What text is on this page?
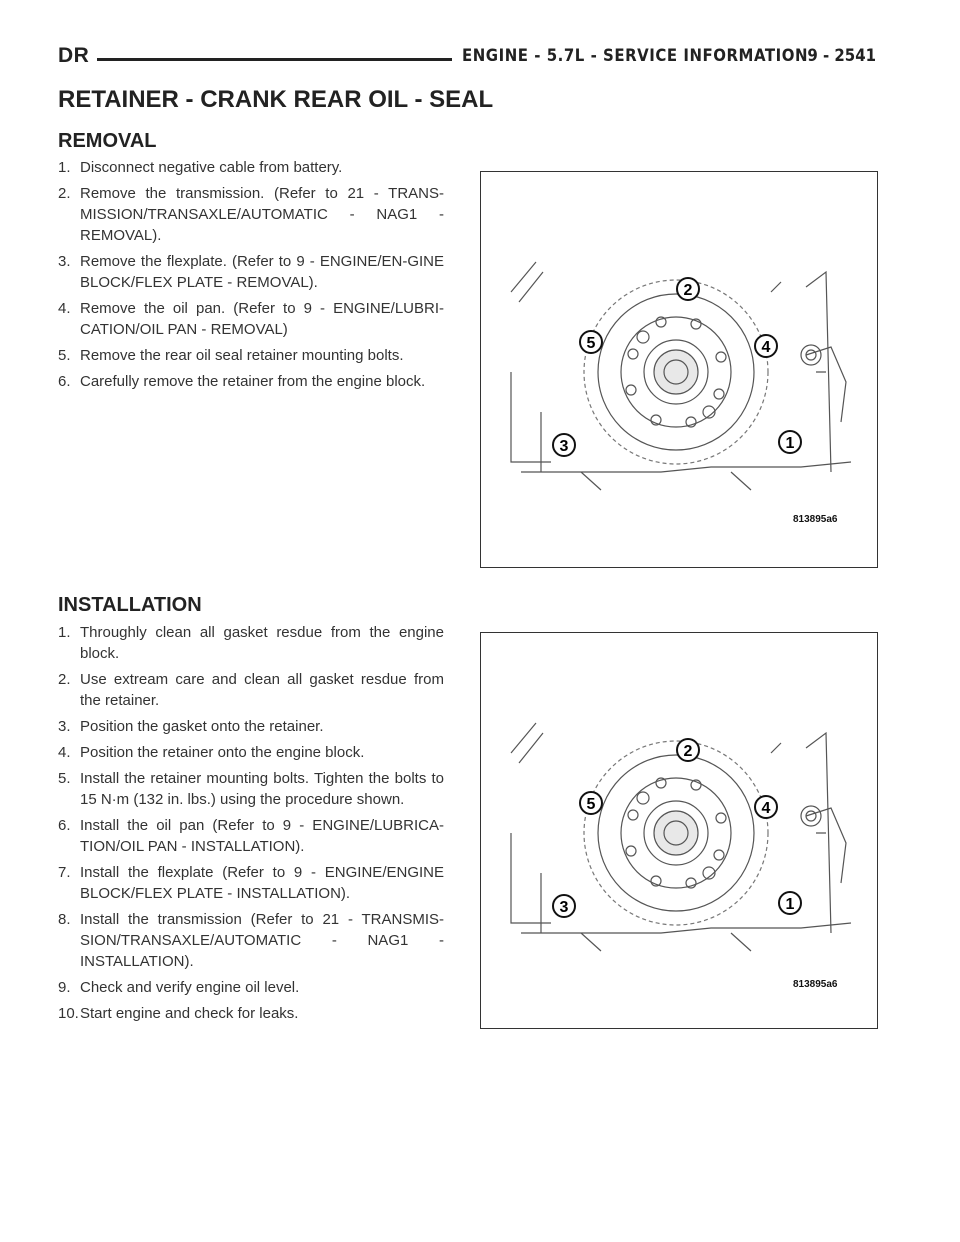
DR	ENGINE - 5.7L - SERVICE INFORMATION 9 - 2541
RETAINER - CRANK REAR OIL - SEAL
REMOVAL
1. Disconnect negative cable from battery.
2. Remove the transmission. (Refer to 21 - TRANS-MISSION/TRANSAXLE/AUTOMATIC - NAG1 - REMOVAL).
3. Remove the flexplate. (Refer to 9 - ENGINE/EN-GINE BLOCK/FLEX PLATE - REMOVAL).
4. Remove the oil pan. (Refer to 9 - ENGINE/LUBRI-CATION/OIL PAN - REMOVAL)
5. Remove the rear oil seal retainer mounting bolts.
6. Carefully remove the retainer from the engine block.
1
2
3
4
5
813895a6
INSTALLATION
1. Throughly clean all gasket resdue from the engine block.
2. Use extream care and clean all gasket resdue from the retainer.
3. Position the gasket onto the retainer.
4. Position the retainer onto the engine block.
5. Install the retainer mounting bolts. Tighten the bolts to 15 N·m (132 in. lbs.) using the procedure shown.
6. Install the oil pan (Refer to 9 - ENGINE/LUBRICA-TION/OIL PAN - INSTALLATION).
7. Install the flexplate (Refer to 9 - ENGINE/ENGINE BLOCK/FLEX PLATE - INSTALLATION).
8. Install the transmission (Refer to 21 - TRANSMIS-SION/TRANSAXLE/AUTOMATIC - NAG1 - INSTALLATION).
9. Check and verify engine oil level.
10.Start engine and check for leaks.
1
2
3
4
5
813895a6
